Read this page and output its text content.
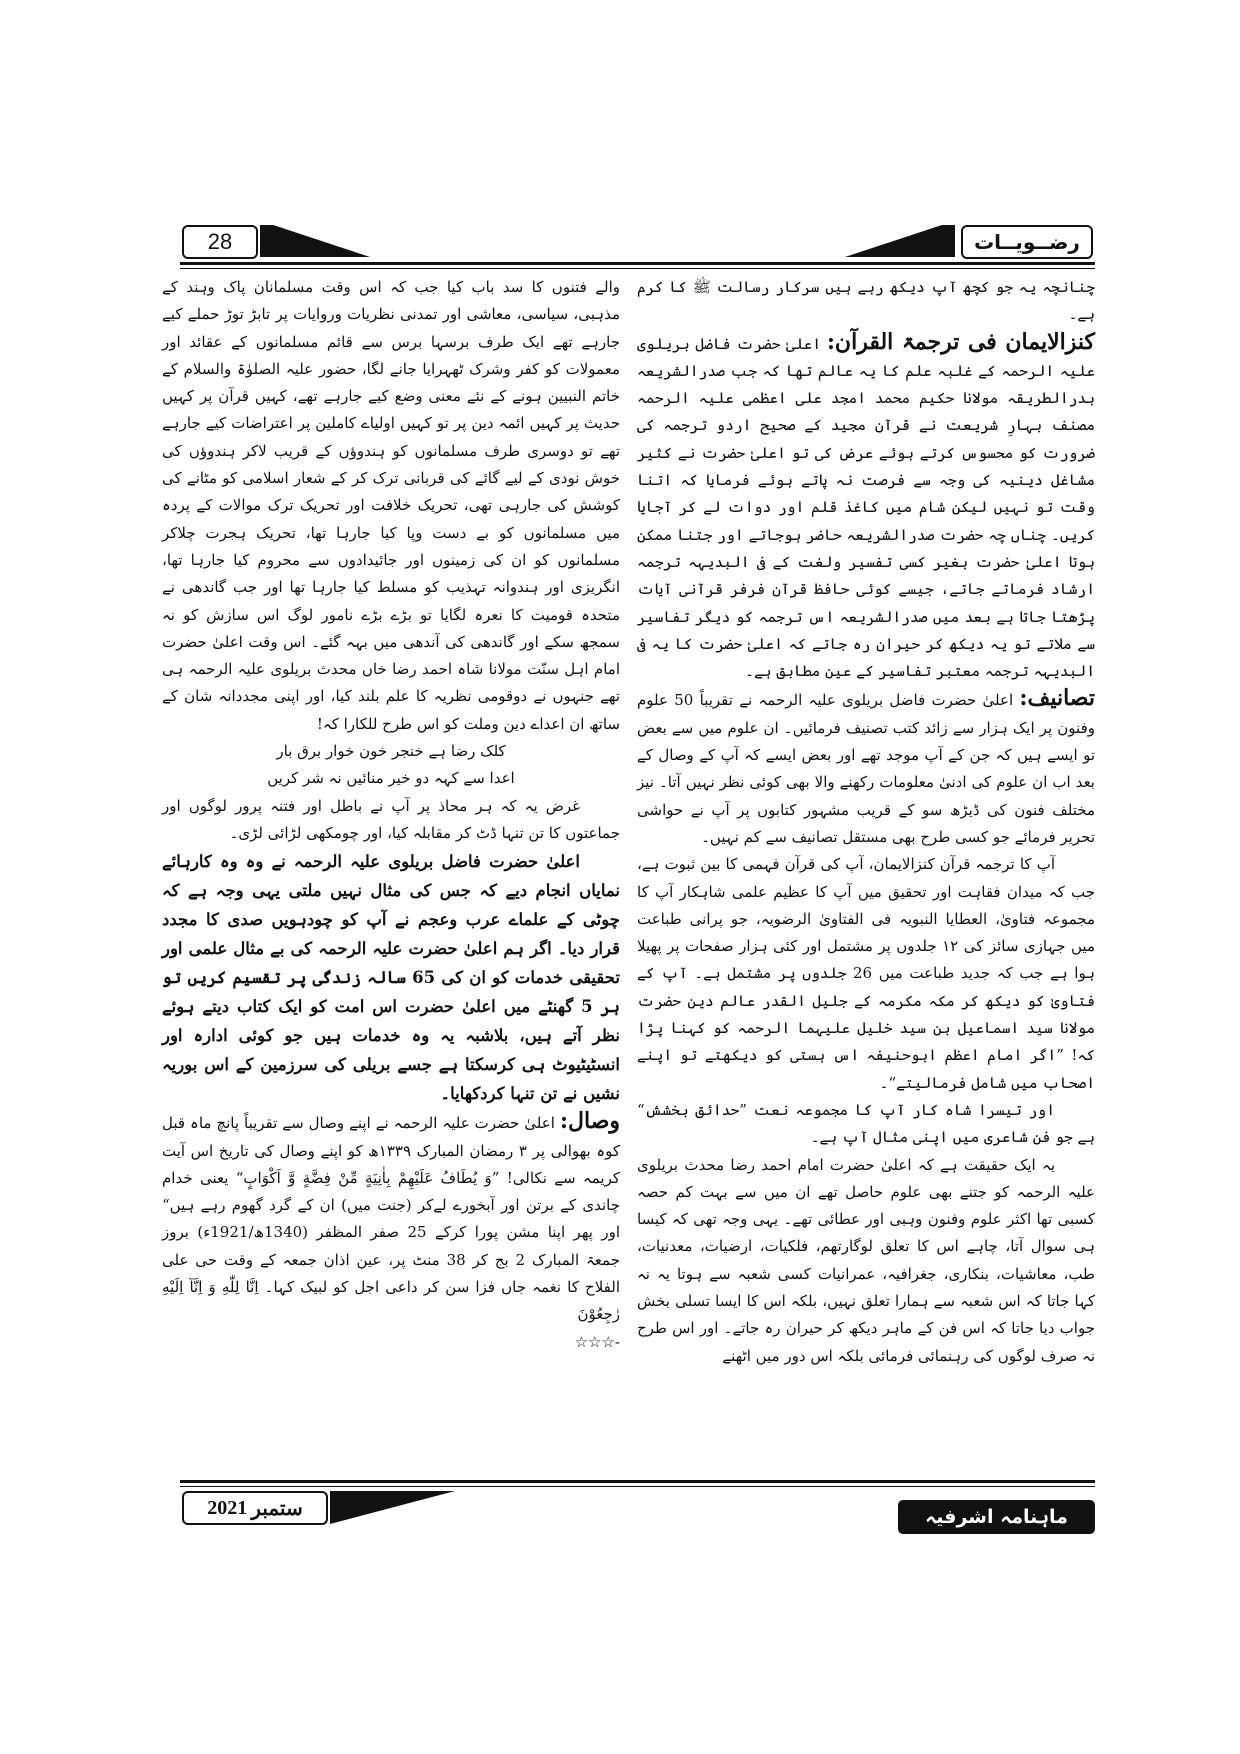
28	رضــویــات

چنانچہ یہ جو کچھ آپ دیکھ رہے ہیں سرکار رسالت ﷺ کا کرم ہے۔

کنزالایمان فی ترجمۃ القرآن: اعلیٰ حضرت فاضل بریلوی علیہ الرحمہ کے غلبہ علم کا یہ عالم تھا کہ جب صدرالشریعہ بدرالطریقہ مولانا حکیم محمد امجد علی اعظمی علیہ الرحمہ مصنف بہارِ شریعت نے قرآن مجید کے صحیح اردو ترجمہ کی ضرورت کو محسوس کرتے ہوئے عرض کی تو اعلیٰ حضرت نے کثیر مشاغل دینیہ کی وجہ سے فرصت نہ پاتے ہوئے فرمایا کہ اتنا وقت تو نہیں لیکن شام میں کاغذ قلم اور دوات لے کر آجایا کریں۔ چناں چہ حضرت صدرالشریعہ حاضر ہوجاتے اور جتنا ممکن ہوتا اعلیٰ حضرت بغیر کسی تفسیر ولغت کے فی البدیہہ ترجمہ ارشاد فرماتے جاتے، جیسے کوئی حافظ قرآن فرفر قرآنی آیات پڑھتا جاتا ہے بعد میں صدرالشریعہ اس ترجمہ کو دیگر تفاسیر سے ملاتے تو یہ دیکھ کر حیران رہ جاتے کہ اعلیٰ حضرت کا یہ فی البدیہہ ترجمہ معتبر تفاسیر کے عین مطابق ہے۔

تصانیف: اعلیٰ حضرت فاضل بریلوی علیہ الرحمہ نے تقریباً 50 علوم وفنون پر ایک ہزار سے زائد کتب تصنیف فرمائیں۔ ان علوم میں سے بعض تو ایسے ہیں کہ جن کے آپ موجد تھے اور بعض ایسے کہ آپ کے وصال کے بعد اب ان علوم کی ادنیٰ معلومات رکھنے والا بھی کوئی نظر نہیں آتا۔ نیز مختلف فنون کی ڈیڑھ سو کے قریب مشہور کتابوں پر آپ نے حواشی تحریر فرمائے جو کسی طرح بھی مستقل تصانیف سے کم نہیں۔

آپ کا ترجمہ قرآن کنزالایمان، آپ کی قرآن فہمی کا بین ثبوت ہے، جب کہ میدان فقاہت اور تحقیق میں آپ کا عظیم علمی شاہکار آپ کا مجموعہ فتاویٰ، العطایا النبویہ فی الفتاویٰ الرضویہ، جو پرانی طباعت میں جہازی سائز کی ۱۲ جلدوں پر مشتمل اور کئی ہزار صفحات پر پھیلا ہوا ہے جب کہ جدید طباعت میں 26 جلدوں پر مشتمل ہے۔ آپ کے فتاویٰ کو دیکھ کر مکہ مکرمہ کے جلیل القدر عالم دین حضرت مولانا سید اسماعیل بن سید خلیل علیہما الرحمہ کو کہنا پڑا کہ! ”اگر امام اعظم ابوحنیفہ اس ہستی کو دیکھتے تو اپنے اصحاب میں شامل فرمالیتے“۔

اور تیسرا شاہ کار آپ کا مجموعہ نعت ”حدائق بخشش“ ہے جو فن شاعری میں اپنی مثال آپ ہے۔

یہ ایک حقیقت ہے کہ اعلیٰ حضرت امام احمد رضا محدث بریلوی علیہ الرحمہ کو جتنے بھی علوم حاصل تھے ان میں سے بہت کم حصہ کسبی تھا اکثر علوم وفنون وہبی اور عطائی تھے۔ یہی وجہ تھی کہ کیسا ہی سوال آتا، چاہے اس کا تعلق لوگارتھم، فلکیات، ارضیات، معدنیات، طب، معاشیات، بنکاری، جغرافیہ، عمرانیات کسی شعبہ سے ہوتا یہ نہ کہا جاتا کہ اس شعبہ سے ہمارا تعلق نہیں، بلکہ اس کا ایسا تسلی بخش جواب دیا جاتا کہ اس فن کے ماہر دیکھ کر حیران رہ جاتے۔ اور اس طرح نہ صرف لوگوں کی رہنمائی فرمائی بلکہ اس دور میں اٹھنے

والے فتنوں کا سد باب کیا جب کہ اس وقت مسلمانان پاک وہند کے مذہبی، سیاسی، معاشی اور تمدنی نظریات وروایات پر تابڑ توڑ حملے کیے جارہے تھے ایک طرف برسہا برس سے قائم مسلمانوں کے عقائد اور معمولات کو کفر وشرک ٹھہرایا جانے لگا، حضور علیہ الصلوٰۃ والسلام کے خاتم النبیین ہونے کے نئے معنی وضع کیے جارہے تھے، کہیں قرآن پر کہیں حدیث پر کہیں ائمہ دین پر تو کہیں اولیاے کاملین پر اعتراضات کیے جارہے تھے تو دوسری طرف مسلمانوں کو ہندوؤں کے قریب لاکر ہندوؤں کی خوش نودی کے لیے گائے کی قربانی ترک کر کے شعار اسلامی کو مٹانے کی کوشش کی جارہی تھی، تحریک خلافت اور تحریک ترک موالات کے پردہ میں مسلمانوں کو بے دست وپا کیا جارہا تھا، تحریک ہجرت چلاکر مسلمانوں کو ان کی زمینوں اور جائیدادوں سے محروم کیا جارہا تھا، انگریزی اور ہندوانہ تہذیب کو مسلط کیا جارہا تھا اور جب گاندھی نے متحدہ قومیت کا نعرہ لگایا تو بڑے بڑے نامور لوگ اس سازش کو نہ سمجھ سکے اور گاندھی کی آندھی میں بہہ گئے۔ اس وقت اعلیٰ حضرت امام اہل سنّت مولانا شاہ احمد رضا خاں محدث بریلوی علیہ الرحمہ ہی تھے جنہوں نے دوقومی نظریہ کا علم بلند کیا، اور اپنی مجددانہ شان کے ساتھ ان اعداے دین وملت کو اس طرح للکارا کہ!

کلک رضا ہے خنجر خون خوار برق بار

اعدا سے کہہ دو خیر منائیں نہ شر کریں

غرض یہ کہ ہر محاذ پر آپ نے باطل اور فتنہ پرور لوگوں اور جماعتوں کا تن تنہا ڈٹ کر مقابلہ کیا، اور چومکھی لڑائی لڑی۔

اعلیٰ حضرت فاضل بریلوی علیہ الرحمہ نے وہ وہ کارہائے نمایاں انجام دیے کہ جس کی مثال نہیں ملتی یہی وجہ ہے کہ چوٹی کے علماے عرب وعجم نے آپ کو چودہویں صدی کا مجدد قرار دیا۔ اگر ہم اعلیٰ حضرت علیہ الرحمہ کی بے مثال علمی اور تحقیقی خدمات کو ان کی 65 سالہ زندگی پر تقسیم کریں تو ہر 5 گھنٹے میں اعلیٰ حضرت اس امت کو ایک کتاب دیتے ہوئے نظر آتے ہیں، بلاشبہ یہ وہ خدمات ہیں جو کوئی ادارہ اور انسٹیٹیوٹ ہی کرسکتا ہے جسے بریلی کی سرزمین کے اس بوریہ نشیں نے تن تنہا کردکھایا۔

وصال: اعلیٰ حضرت علیہ الرحمہ نے اپنے وصال سے تقریباً پانچ ماہ قبل کوہ بھوالی پر ۳ رمضان المبارک ۱۳۳۹ھ کو اپنے وصال کی تاریخ اس آیت کریمہ سے نکالی! ”وَ یُطَافُ عَلَیْهِمْ بِاٰنِیَةٍ مِّنْ فِضَّةٍ وَّ اَكْوَابٍ“ یعنی خدام چاندی کے برتن اور آبخورے لےکر (جنت میں) ان کے گرد گھوم رہے ہیں“ اور پھر اپنا مشن پورا کرکے 25 صفر المظفر (1340ھ/1921ء) بروز جمعۃ المبارک 2 بج کر 38 منٹ پر، عین اذان جمعہ کے وقت حی علی الفلاح کا نغمہ جاں فزا سن کر داعی اجل کو لبیک کہا۔ اِنَّا لِلّٰهِ وَ اِنَّآ اِلَیْهِ رٰجِعُوْنَ

-☆☆☆

ستمبر
2021	ماہنامہ اشرفیہ
